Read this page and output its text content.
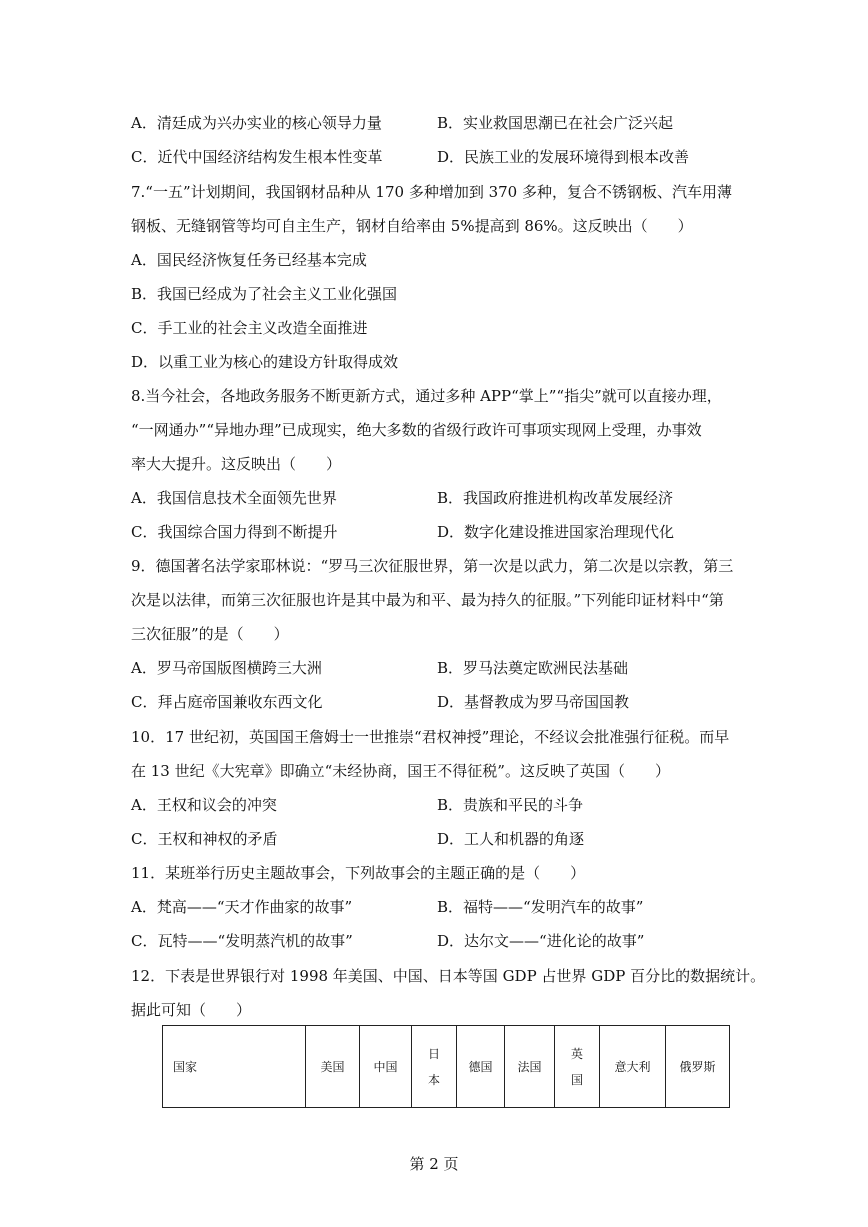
A．清廷成为兴办实业的核心领导力量	B．实业救国思潮已在社会广泛兴起
C．近代中国经济结构发生根本性变革	D．民族工业的发展环境得到根本改善
7.“一五”计划期间，我国钢材品种从 170 多种增加到 370 多种，复合不锈钢板、汽车用薄
钢板、无缝钢管等均可自主生产，钢材自给率由 5%提高到 86%。这反映出（　　）
A．国民经济恢复任务已经基本完成
B．我国已经成为了社会主义工业化强国
C．手工业的社会主义改造全面推进
D．以重工业为核心的建设方针取得成效
8.当今社会，各地政务服务不断更新方式，通过多种 APP“掌上”“指尖”就可以直接办理，
“一网通办”“异地办理”已成现实，绝大多数的省级行政许可事项实现网上受理，办事效
率大大提升。这反映出（　　）
A．我国信息技术全面领先世界	B．我国政府推进机构改革发展经济
C．我国综合国力得到不断提升	D．数字化建设推进国家治理现代化
9．德国著名法学家耶林说：“罗马三次征服世界，第一次是以武力，第二次是以宗教，第三
次是以法律，而第三次征服也许是其中最为和平、最为持久的征服。”下列能印证材料中“第
三次征服”的是（　　）
A．罗马帝国版图横跨三大洲	B．罗马法奠定欧洲民法基础
C．拜占庭帝国兼收东西文化	D．基督教成为罗马帝国国教
10．17 世纪初，英国国王詹姆士一世推崇“君权神授”理论，不经议会批准强行征税。而早
在 13 世纪《大宪章》即确立“未经协商，国王不得征税”。这反映了英国（　　）
A．王权和议会的冲突	B．贵族和平民的斗争
C．王权和神权的矛盾	D．工人和机器的角逐
11．某班举行历史主题故事会，下列故事会的主题正确的是（　　）
A．梵高——“天才作曲家的故事”	B．福特——“发明汽车的故事”
C．瓦特——“发明蒸汽机的故事”	D．达尔文——“进化论的故事”
12．下表是世界银行对 1998 年美国、中国、日本等国 GDP 占世界 GDP 百分比的数据统计。
据此可知（　　）
国家	美国	中国	日本	德国	法国	英国	意大利	俄罗斯
第 2 页
